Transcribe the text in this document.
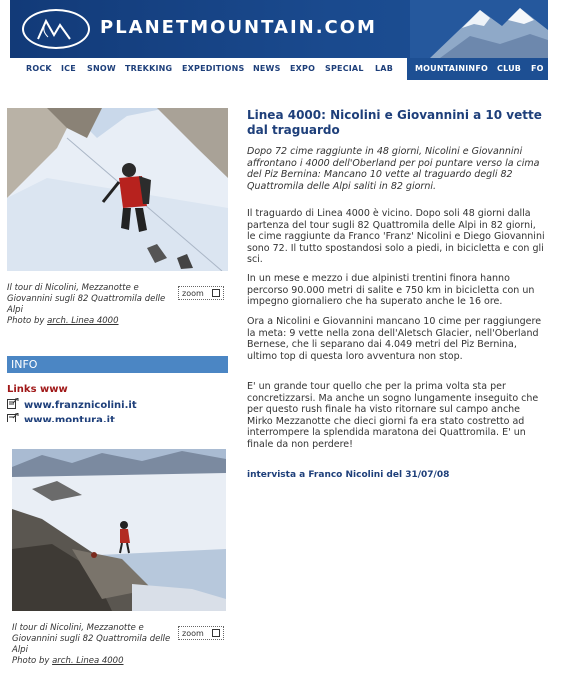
PLANETMOUNTAIN.COM
ROCK ICE SNOW TREKKING EXPEDITIONS NEWS EXPO SPECIAL LAB	MOUNTAININFO CLUB FO
Il tour di Nicolini, Mezzanotte e Giovannini sugli 82 Quattromila delle Alpi
Photo by arch. Linea 4000
zoom
INFO
Links www
www.franznicolini.it
www.montura.it
Il tour di Nicolini, Mezzanotte e Giovannini sugli 82 Quattromila delle Alpi
Photo by arch. Linea 4000
zoom
Linea 4000: Nicolini e Giovannini a 10 vette dal traguardo
Dopo 72 cime raggiunte in 48 giorni, Nicolini e Giovannini affrontano i 4000 dell'Oberland per poi puntare verso la cima del Piz Bernina: Mancano 10 vette al traguardo degli 82 Quattromila delle Alpi saliti in 82 giorni.
Il traguardo di Linea 4000 è vicino. Dopo soli 48 giorni dalla partenza del tour sugli 82 Quattromila delle Alpi in 82 giorni, le cime raggiunte da Franco 'Franz' Nicolini e Diego Giovannini sono 72. Il tutto spostandosi solo a piedi, in bicicletta e con gli sci.
In un mese e mezzo i due alpinisti trentini finora hanno percorso 90.000 metri di salite e 750 km in bicicletta con un impegno giornaliero che ha superato anche le 16 ore.
Ora a Nicolini e Giovannini mancano 10 cime per raggiungere la meta: 9 vette nella zona dell'Aletsch Glacier, nell'Oberland Bernese, che li separano dai 4.049 metri del Piz Bernina, ultimo top di questa loro avventura non stop.
E' un grande tour quello che per la prima volta sta per concretizzarsi. Ma anche un sogno lungamente inseguito che per questo rush finale ha visto ritornare sul campo anche Mirko Mezzanotte che dieci giorni fa era stato costretto ad interrompere la splendida maratona dei Quattromila. E' un finale da non perdere!
intervista a Franco Nicolini del 31/07/08
